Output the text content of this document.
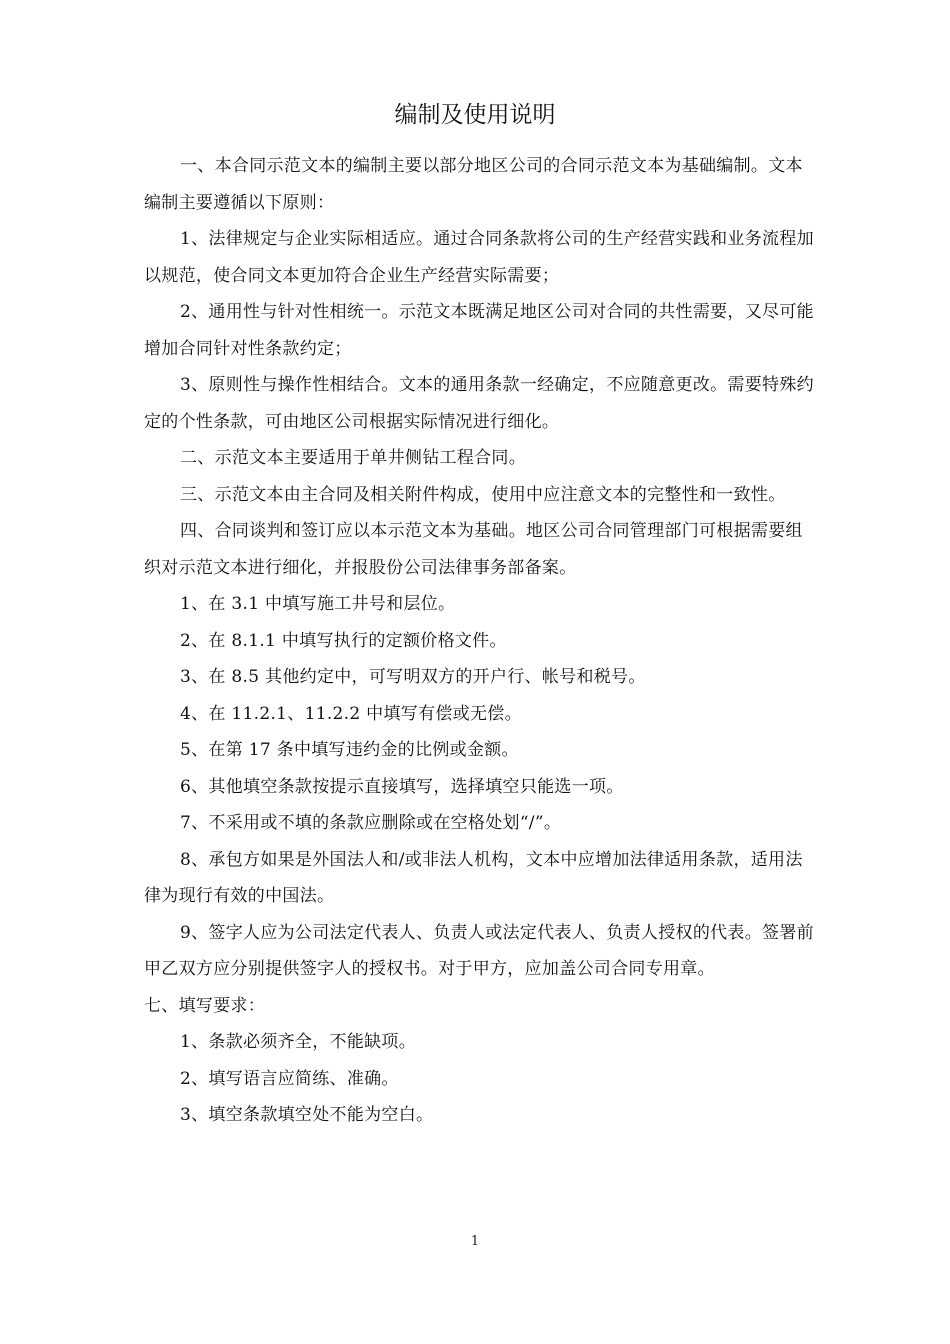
编制及使用说明

一、本合同示范文本的编制主要以部分地区公司的合同示范文本为基础编制。文本编制主要遵循以下原则：

1、法律规定与企业实际相适应。通过合同条款将公司的生产经营实践和业务流程加以规范，使合同文本更加符合企业生产经营实际需要；

2、通用性与针对性相统一。示范文本既满足地区公司对合同的共性需要，又尽可能增加合同针对性条款约定；

3、原则性与操作性相结合。文本的通用条款一经确定，不应随意更改。需要特殊约定的个性条款，可由地区公司根据实际情况进行细化。

二、示范文本主要适用于单井侧钻工程合同。

三、示范文本由主合同及相关附件构成，使用中应注意文本的完整性和一致性。

四、合同谈判和签订应以本示范文本为基础。地区公司合同管理部门可根据需要组织对示范文本进行细化，并报股份公司法律事务部备案。

1、在 3.1 中填写施工井号和层位。

2、在 8.1.1 中填写执行的定额价格文件。

3、在 8.5 其他约定中，可写明双方的开户行、帐号和税号。

4、在 11.2.1、11.2.2 中填写有偿或无偿。

5、在第 17 条中填写违约金的比例或金额。

6、其他填空条款按提示直接填写，选择填空只能选一项。

7、不采用或不填的条款应删除或在空格处划“/”。

8、承包方如果是外国法人和/或非法人机构，文本中应增加法律适用条款，适用法律为现行有效的中国法。

9、签字人应为公司法定代表人、负责人或法定代表人、负责人授权的代表。签署前甲乙双方应分别提供签字人的授权书。对于甲方，应加盖公司合同专用章。

七、填写要求：

1、条款必须齐全，不能缺项。

2、填写语言应简练、准确。

3、填空条款填空处不能为空白。

1
